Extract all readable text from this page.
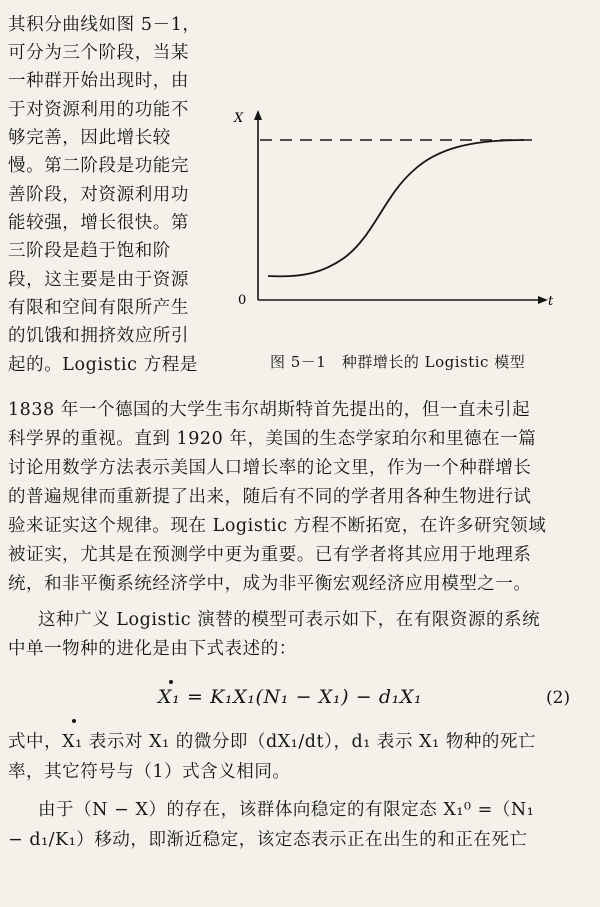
其积分曲线如图 5－1，
可分为三个阶段，当某
一种群开始出现时，由
于对资源利用的功能不
够完善，因此增长较
慢。第二阶段是功能完
善阶段，对资源利用功
能较强，增长很快。第
三阶段是趋于饱和阶
段，这主要是由于资源
有限和空间有限所产生
的饥饿和拥挤效应所引
起的。Logistic 方程是
X
t
0
图 5－1　种群增长的 Logistic 模型
1838 年一个德国的大学生韦尔胡斯特首先提出的，但一直未引起
科学界的重视。直到 1920 年，美国的生态学家珀尔和里德在一篇
讨论用数学方法表示美国人口增长率的论文里，作为一个种群增长
的普遍规律而重新提了出来，随后有不同的学者用各种生物进行试
验来证实这个规律。现在 Logistic 方程不断拓宽，在许多研究领域
被证实，尤其是在预测学中更为重要。已有学者将其应用于地理系
统，和非平衡系统经济学中，成为非平衡宏观经济应用模型之一。
这种广义 Logistic 演替的模型可表示如下，在有限资源的系统
中单一物种的进化是由下式表述的：
X₁ = K₁X₁(N₁ − X₁) − d₁X₁	(2)
式中，X₁ 表示对 X₁ 的微分即（dX₁/dt），d₁ 表示 X₁ 物种的死亡
率，其它符号与（1）式含义相同。
由于（N − X）的存在，该群体向稳定的有限定态 X₁⁰ =（N₁
− d₁/K₁）移动，即渐近稳定，该定态表示正在出生的和正在死亡
